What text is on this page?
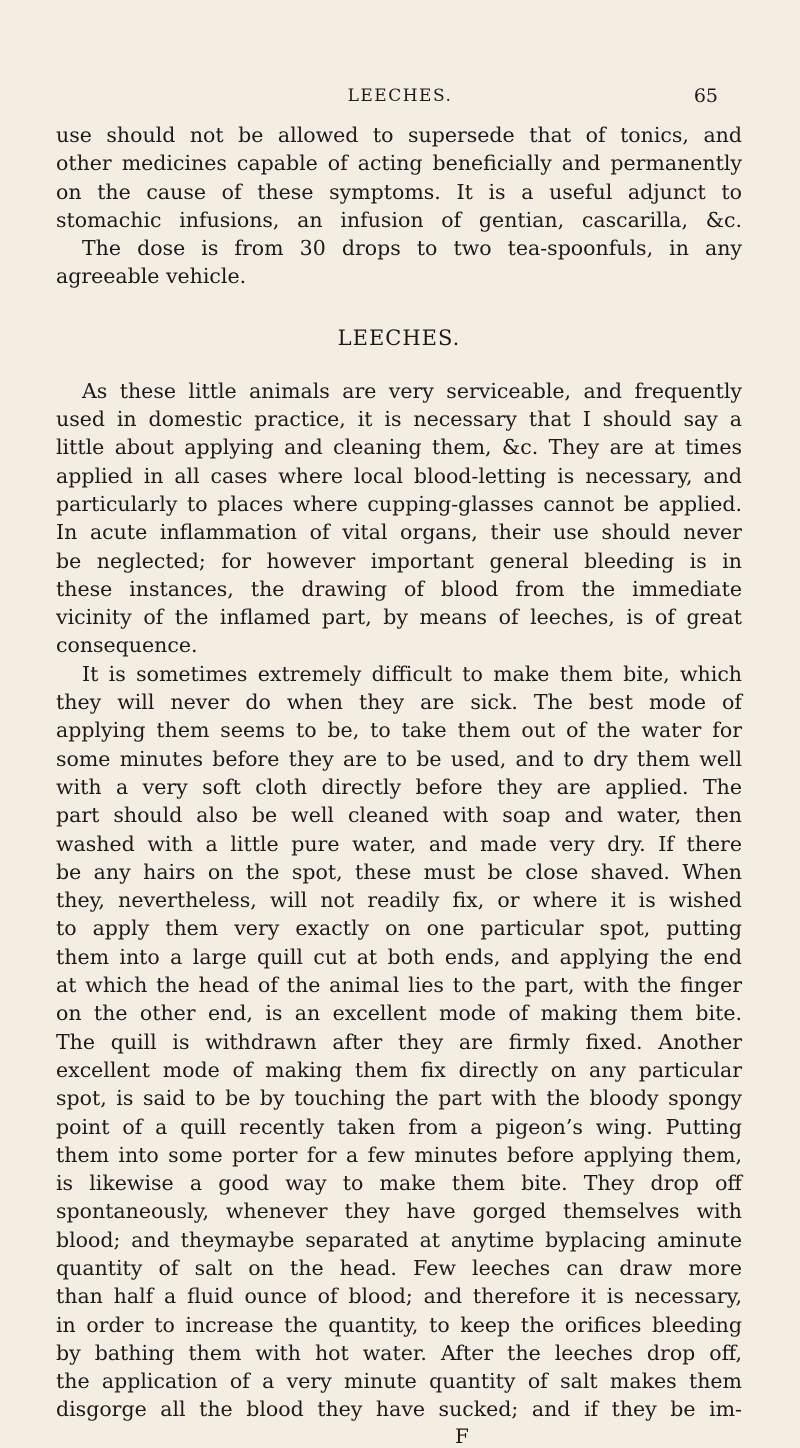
LEECHES.	65
use should not be allowed to supersede that of tonics, and
other medicines capable of acting beneficially and permanently
on the cause of these symptoms. It is a useful adjunct to
stomachic infusions, an infusion of gentian, cascarilla, &c.
The dose is from 30 drops to two tea-spoonfuls, in any
agreeable vehicle.
LEECHES.
As these little animals are very serviceable, and frequently
used in domestic practice, it is necessary that I should say a
little about applying and cleaning them, &c. They are at times
applied in all cases where local blood-letting is necessary, and
particularly to places where cupping-glasses cannot be applied.
In acute inflammation of vital organs, their use should never
be neglected; for however important general bleeding is in
these instances, the drawing of blood from the immediate
vicinity of the inflamed part, by means of leeches, is of great
consequence.
It is sometimes extremely difficult to make them bite, which
they will never do when they are sick. The best mode of
applying them seems to be, to take them out of the water for
some minutes before they are to be used, and to dry them well
with a very soft cloth directly before they are applied. The
part should also be well cleaned with soap and water, then
washed with a little pure water, and made very dry. If there
be any hairs on the spot, these must be close shaved. When
they, nevertheless, will not readily fix, or where it is wished
to apply them very exactly on one particular spot, putting
them into a large quill cut at both ends, and applying the end
at which the head of the animal lies to the part, with the finger
on the other end, is an excellent mode of making them bite.
The quill is withdrawn after they are firmly fixed. Another
excellent mode of making them fix directly on any particular
spot, is said to be by touching the part with the bloody spongy
point of a quill recently taken from a pigeon’s wing. Putting
them into some porter for a few minutes before applying them,
is likewise a good way to make them bite. They drop off
spontaneously, whenever they have gorged themselves with
blood; and theymaybe separated at anytime byplacing aminute
quantity of salt on the head. Few leeches can draw more
than half a fluid ounce of blood; and therefore it is necessary,
in order to increase the quantity, to keep the orifices bleeding
by bathing them with hot water. After the leeches drop off,
the application of a very minute quantity of salt makes them
disgorge all the blood they have sucked; and if they be im-
F
